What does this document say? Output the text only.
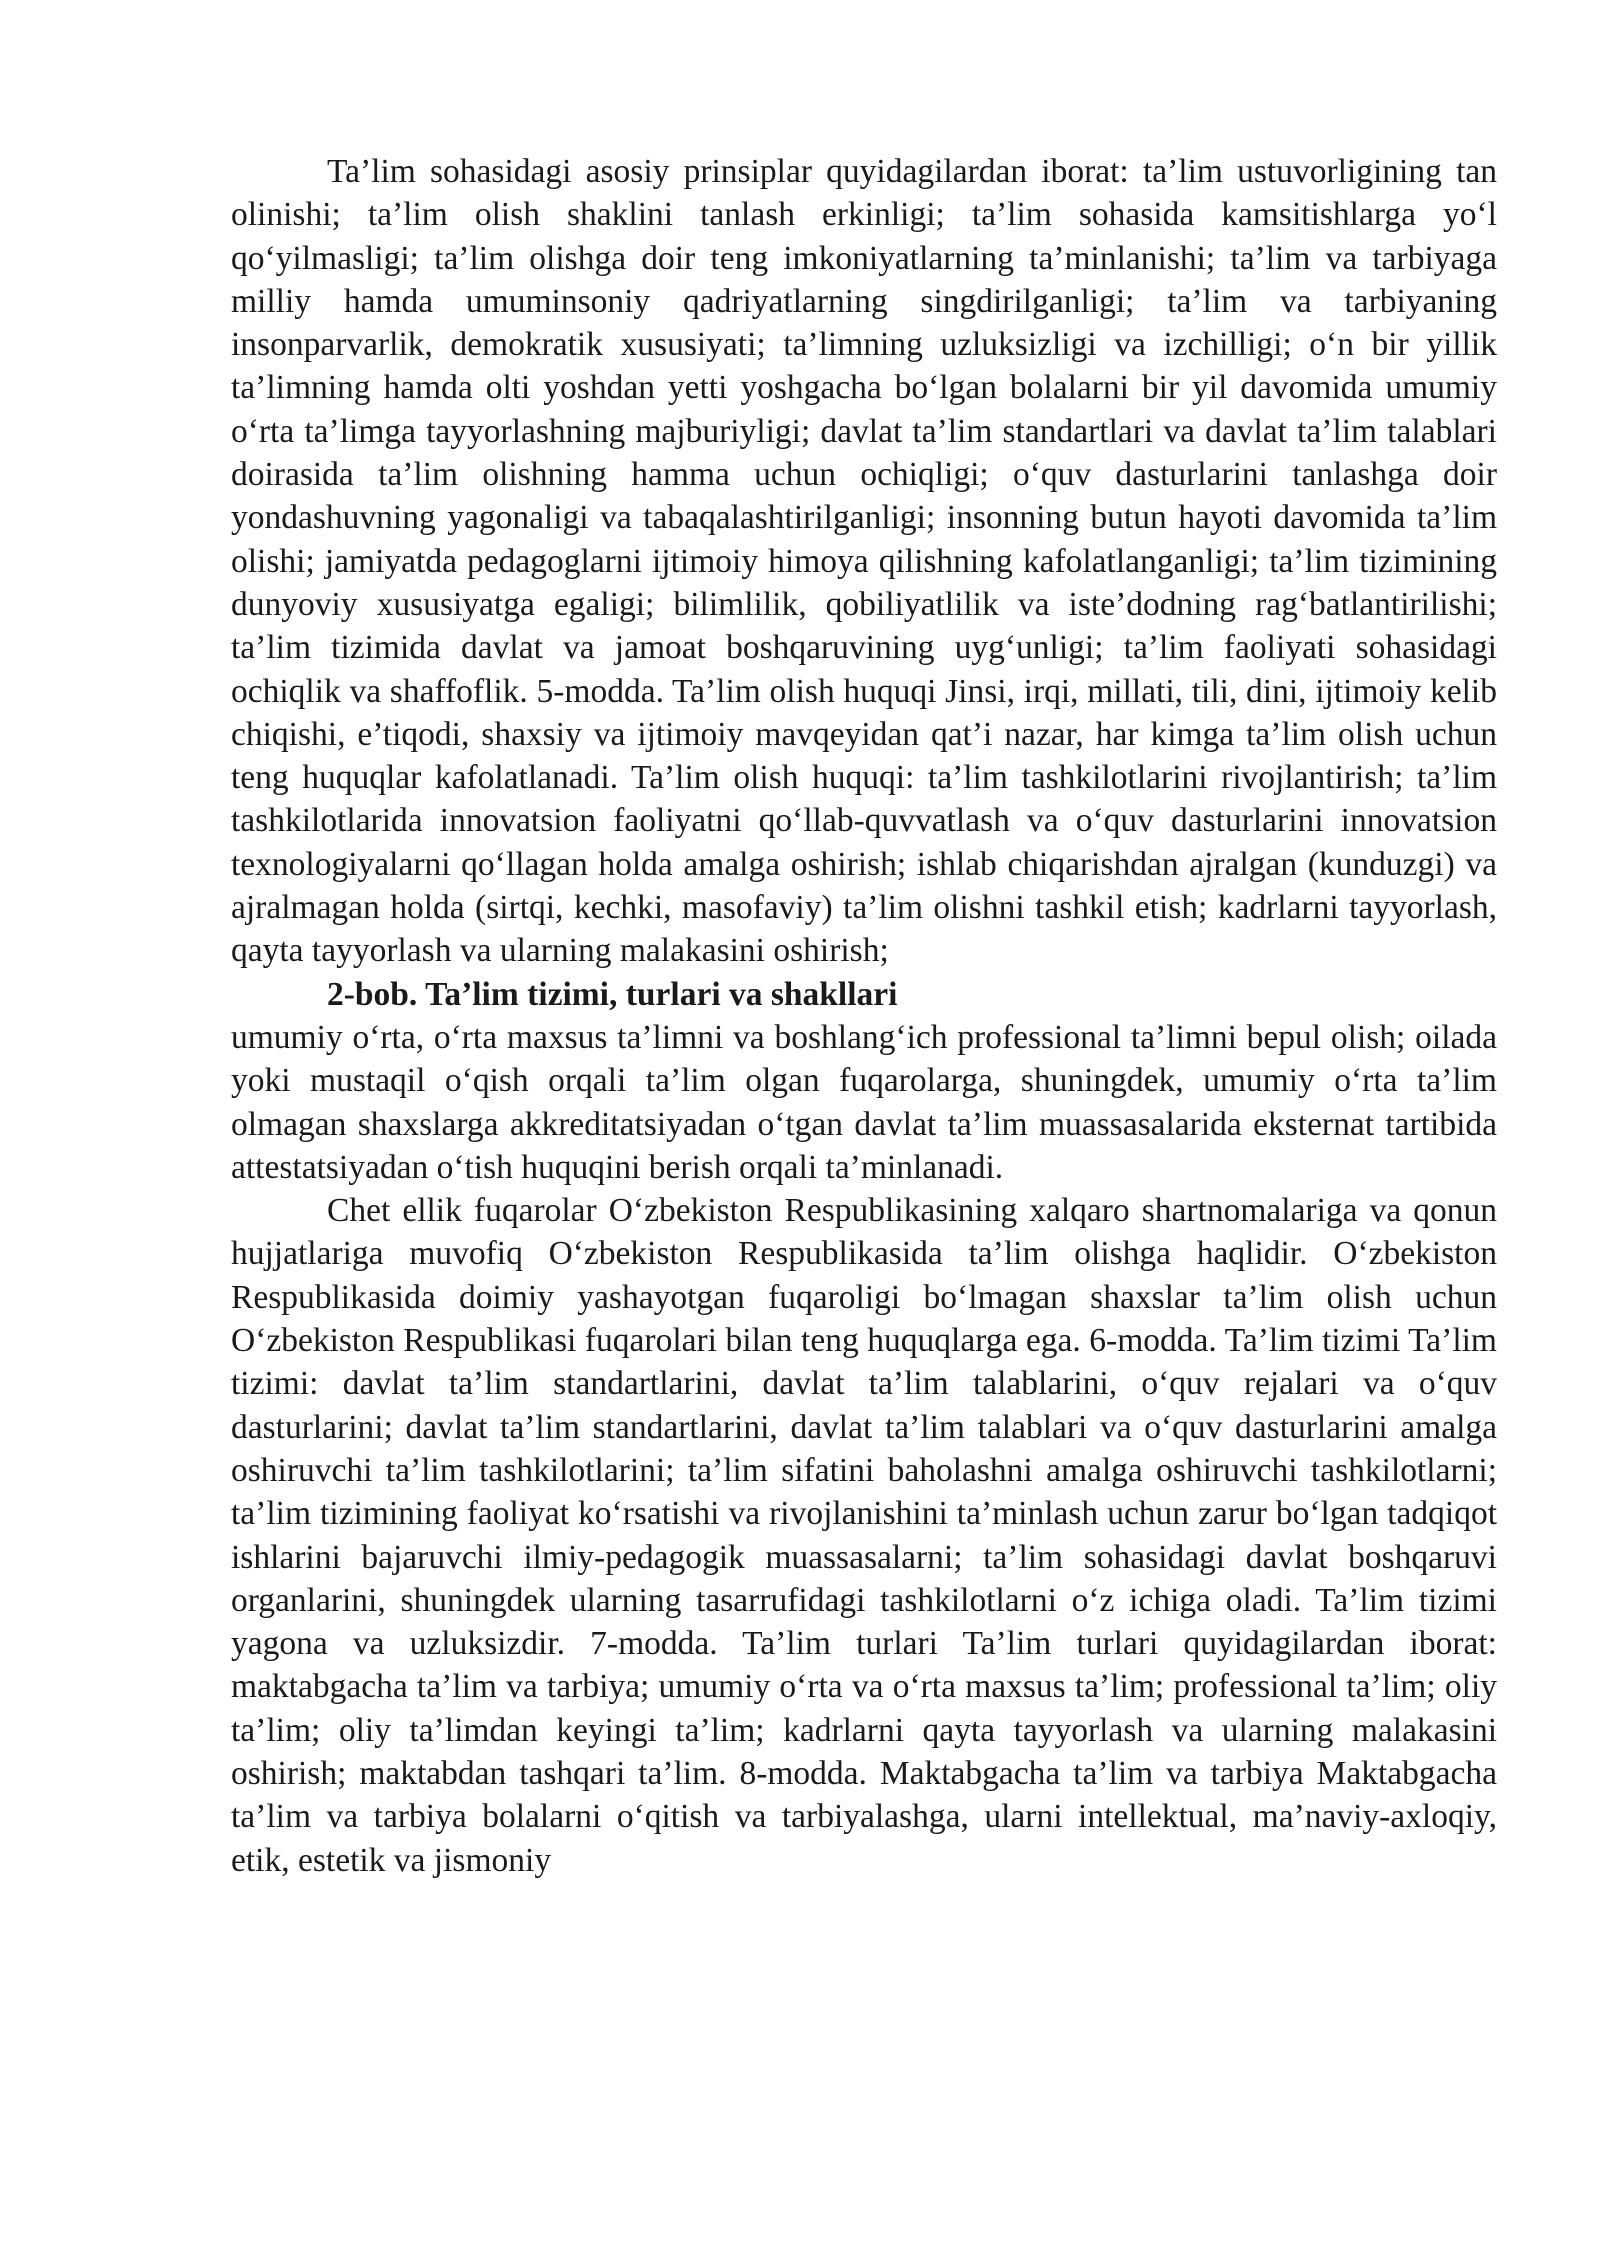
Ta’lim sohasidagi asosiy prinsiplar quyidagilardan iborat: ta’lim ustuvorligining tan olinishi; ta’lim olish shaklini tanlash erkinligi; ta’lim sohasida kamsitishlarga yo‘l qo‘yilmasligi; ta’lim olishga doir teng imkoniyatlarning ta’minlanishi; ta’lim va tarbiyaga milliy hamda umuminsoniy qadriyatlarning singdirilganligi; ta’lim va tarbiyaning insonparvarlik, demokratik xususiyati; ta’limning uzluksizligi va izchilligi; o‘n bir yillik ta’limning hamda olti yoshdan yetti yoshgacha bo‘lgan bolalarni bir yil davomida umumiy o‘rta ta’limga tayyorlashning majburiyligi; davlat ta’lim standartlari va davlat ta’lim talablari doirasida ta’lim olishning hamma uchun ochiqligi; o‘quv dasturlarini tanlashga doir yondashuvning yagonaligi va tabaqalashtirilganligi; insonning butun hayoti davomida ta’lim olishi; jamiyatda pedagoglarni ijtimoiy himoya qilishning kafolatlanganligi; ta’lim tizimining dunyoviy xususiyatga egaligi; bilimlilik, qobiliyatlilik va iste’dodning rag‘batlantirilishi; ta’lim tizimida davlat va jamoat boshqaruvining uyg‘unligi; ta’lim faoliyati sohasidagi ochiqlik va shaffoflik. 5-modda. Ta’lim olish huquqi Jinsi, irqi, millati, tili, dini, ijtimoiy kelib chiqishi, e’tiqodi, shaxsiy va ijtimoiy mavqeyidan qat’i nazar, har kimga ta’lim olish uchun teng huquqlar kafolatlanadi. Ta’lim olish huquqi: ta’lim tashkilotlarini rivojlantirish; ta’lim tashkilotlarida innovatsion faoliyatni qo‘llab-quvvatlash va o‘quv dasturlarini innovatsion texnologiyalarni qo‘llagan holda amalga oshirish; ishlab chiqarishdan ajralgan (kunduzgi) va ajralmagan holda (sirtqi, kechki, masofaviy) ta’lim olishni tashkil etish; kadrlarni tayyorlash, qayta tayyorlash va ularning malakasini oshirish;

2-bob. Ta’lim tizimi, turlari va shakllari

umumiy o‘rta, o‘rta maxsus ta’limni va boshlang‘ich professional ta’limni bepul olish; oilada yoki mustaqil o‘qish orqali ta’lim olgan fuqarolarga, shuningdek, umumiy o‘rta ta’lim olmagan shaxslarga akkreditatsiyadan o‘tgan davlat ta’lim muassasalarida eksternat tartibida attestatsiyadan o‘tish huquqini berish orqali ta’minlanadi.

Chet ellik fuqarolar O‘zbekiston Respublikasining xalqaro shartnomalariga va qonun hujjatlariga muvofiq O‘zbekiston Respublikasida ta’lim olishga haqlidir. O‘zbekiston Respublikasida doimiy yashayotgan fuqaroligi bo‘lmagan shaxslar ta’lim olish uchun O‘zbekiston Respublikasi fuqarolari bilan teng huquqlarga ega. 6-modda. Ta’lim tizimi Ta’lim tizimi: davlat ta’lim standartlarini, davlat ta’lim talablarini, o‘quv rejalari va o‘quv dasturlarini; davlat ta’lim standartlarini, davlat ta’lim talablari va o‘quv dasturlarini amalga oshiruvchi ta’lim tashkilotlarini; ta’lim sifatini baholashni amalga oshiruvchi tashkilotlarni; ta’lim tizimining faoliyat ko‘rsatishi va rivojlanishini ta’minlash uchun zarur bo‘lgan tadqiqot ishlarini bajaruvchi ilmiy-pedagogik muassasalarni; ta’lim sohasidagi davlat boshqaruvi organlarini, shuningdek ularning tasarrufidagi tashkilotlarni o‘z ichiga oladi. Ta’lim tizimi yagona va uzluksizdir. 7-modda. Ta’lim turlari Ta’lim turlari quyidagilardan iborat: maktabgacha ta’lim va tarbiya; umumiy o‘rta va o‘rta maxsus ta’lim; professional ta’lim; oliy ta’lim; oliy ta’limdan keyingi ta’lim; kadrlarni qayta tayyorlash va ularning malakasini oshirish; maktabdan tashqari ta’lim. 8-modda. Maktabgacha ta’lim va tarbiya Maktabgacha ta’lim va tarbiya bolalarni o‘qitish va tarbiyalashga, ularni intellektual, ma’naviy-axloqiy, etik, estetik va jismoniy
